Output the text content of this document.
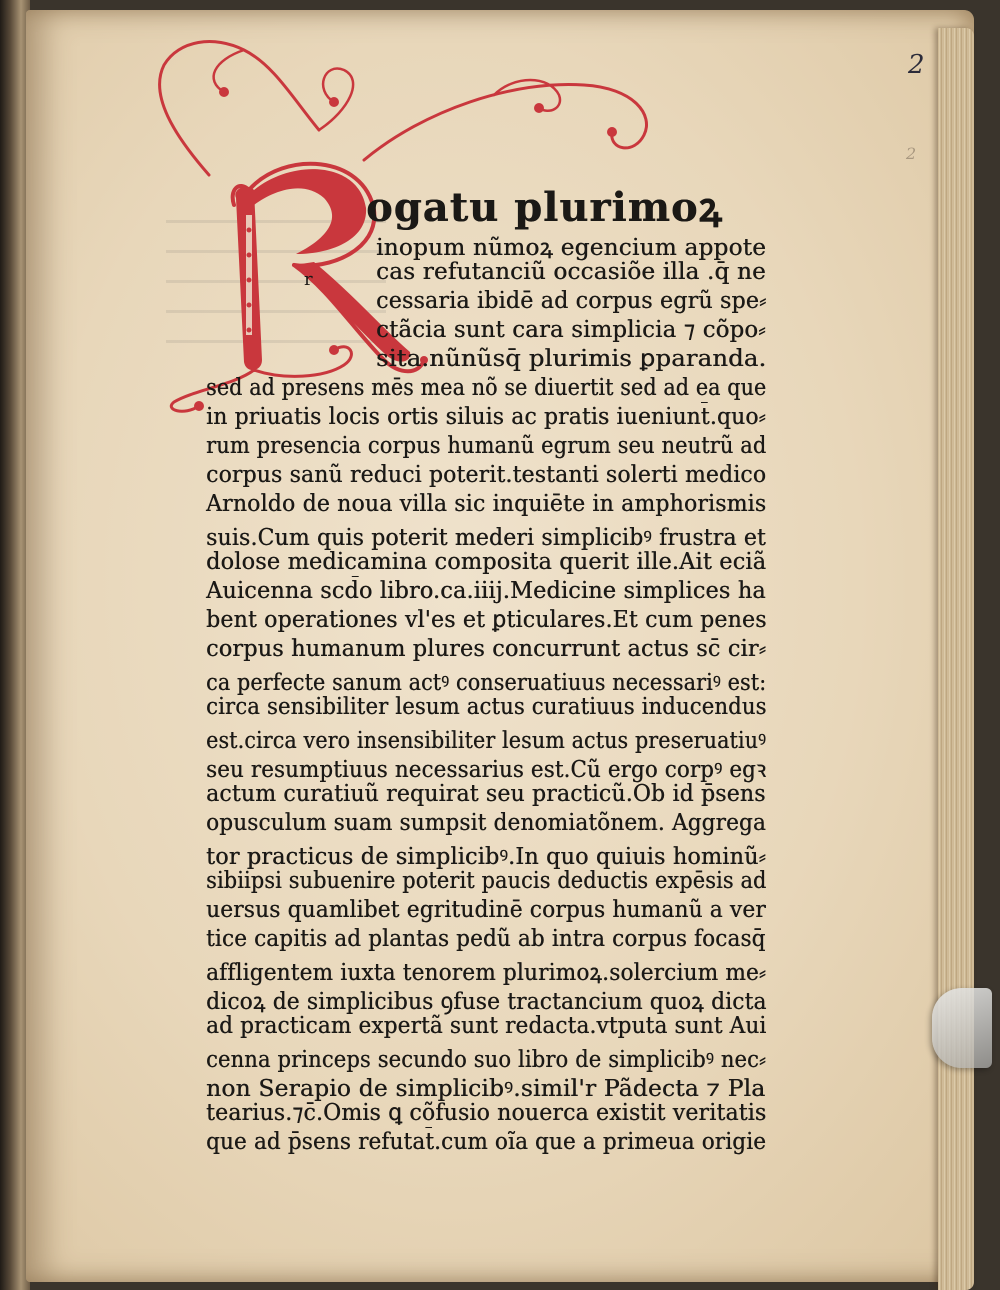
2
2
r
ogatu plurimoꝝ
inopum nũmoꝝ egencium appote
cas refutanciũ occasiõe illa .q̄ ne
cessaria ibidē ad corpus egrũ spe⸗
ctãcia sunt cara simplicia ⁊ cõpo⸗
sita.nũnũsq̄ plurimis ꝑparanda.
sed ad presens mēs mea nõ se diuertit sed ad ea que
in priuatis locis ortis siluis ac pratis iueniunt̄.quo⸗
rum presencia corpus humanũ egrum seu neutrũ ad
corpus sanũ reduci poterit.testanti solerti medico
Arnoldo de noua villa sic inquiēte in amphorismis
suis.Cum quis poterit mederi simplicibꝰ frustra et
dolose medicamina composita querit ille.Ait eciã
Auicenna scd̄o libro.ca.iiij.Medicine simplices ha
bent operationes vl'es et ꝑticulares.Et cum penes
corpus humanum plures concurrunt actus sc̄ cir⸗
ca perfecte sanum actꝰ conseruatiuus necessariꝰ est:
circa sensibiliter lesum actus curatiuus inducendus
est.circa vero insensibiliter lesum actus preseruatiuꝰ
seu resumptiuus necessarius est.Cũ ergo corpꝰ egꝛ
actum curatiuũ requirat seu practicũ.Ob id p̄sens
opusculum suam sumpsit denomiatõnem. Aggrega
tor practicus de simplicibꝰ.In quo quiuis hominũ⸗
sibiipsi subuenire poterit paucis deductis expēsis ad
uersus quamlibet egritudinē corpus humanũ a ver
tice capitis ad plantas pedũ ab intra corpus focasq̄
affligentem iuxta tenorem plurimoꝝ.solercium me⸗
dicoꝝ de simplicibus ꝯfuse tractancium quoꝝ dicta
ad practicam expertã sunt redacta.vtputa sunt Aui
cenna princeps secundo suo libro de simplicibꝰ nec⸗
non Serapio de simplicibꝰ.simil'r Pãdecta ⁊ Pla
tearius.⁊c̄.Omis ꝗ cõfusio nouerca existit veritatis
que ad p̄sens refutat̄.cum oı̃a que a primeua origie
